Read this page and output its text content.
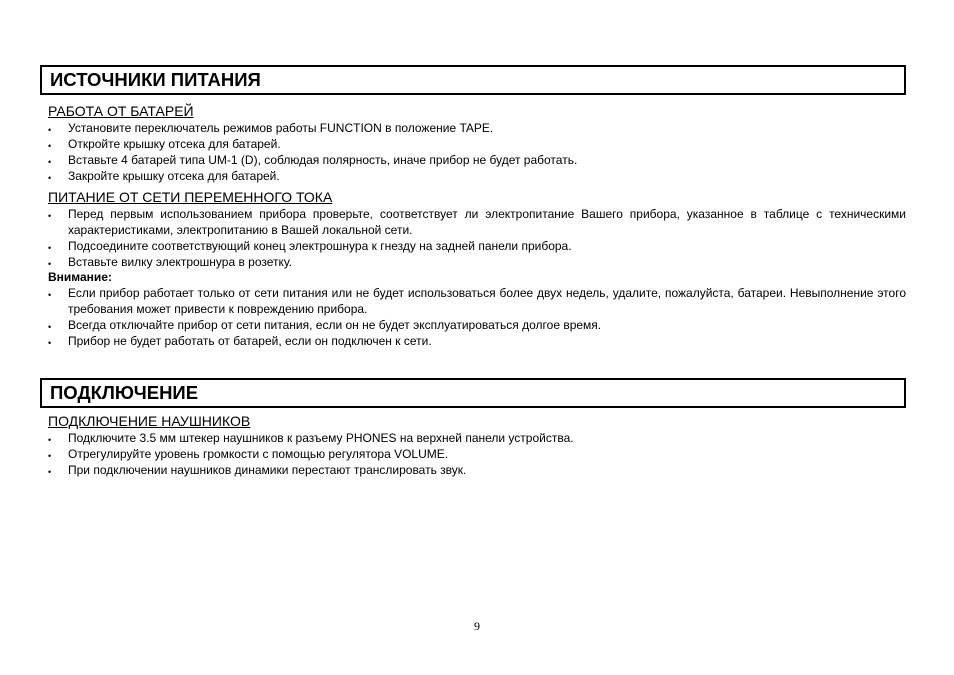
ИСТОЧНИКИ ПИТАНИЯ
РАБОТА ОТ БАТАРЕЙ
• Установите переключатель режимов работы FUNCTION в положение TAPE.
• Откройте крышку отсека для батарей.
• Вставьте 4 батарей типа UM-1 (D), соблюдая полярность, иначе прибор не будет работать.
• Закройте крышку отсека для батарей.
ПИТАНИЕ ОТ СЕТИ ПЕРЕМЕННОГО ТОКА
• Перед первым использованием прибора проверьте, соответствует ли электропитание Вашего прибора, указанное в таблице с техническими характеристиками, электропитанию в Вашей локальной сети.
• Подсоедините соответствующий конец электрошнура к гнезду на задней панели прибора.
• Вставьте вилку электрошнура в розетку.
Внимание:
• Если прибор работает только от сети питания или не будет использоваться более двух недель, удалите, пожалуйста, батареи. Невыполнение этого требования может привести к повреждению прибора.
• Всегда отключайте прибор от сети питания, если он не будет эксплуатироваться долгое время.
• Прибор не будет работать от батарей, если он подключен к сети.
ПОДКЛЮЧЕНИЕ
ПОДКЛЮЧЕНИЕ НАУШНИКОВ
• Подключите 3.5 мм штекер наушников к разъему PHONES на верхней панели устройства.
• Отрегулируйте уровень громкости с помощью регулятора VOLUME.
• При подключении наушников динамики перестают транслировать звук.
9
